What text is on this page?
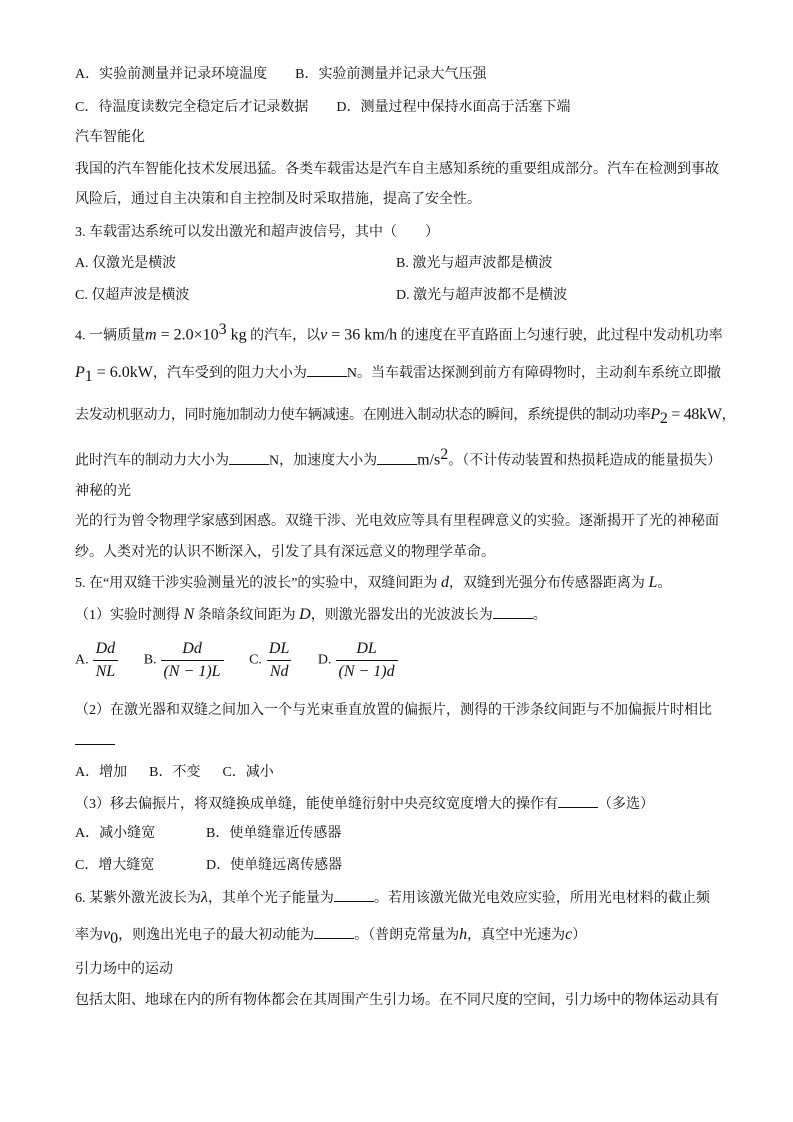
A．实验前测量并记录环境温度 B．实验前测量并记录大气压强
C．待温度读数完全稳定后才记录数据 D．测量过程中保持水面高于活塞下端
汽车智能化
我国的汽车智能化技术发展迅猛。各类车载雷达是汽车自主感知系统的重要组成部分。汽车在检测到事故
风险后，通过自主决策和自主控制及时采取措施，提高了安全性。
3. 车载雷达系统可以发出激光和超声波信号，其中（　　）
A. 仅激光是横波	B. 激光与超声波都是横波
C. 仅超声波是横波	D. 激光与超声波都不是横波
4. 一辆质量$m = 2.0\times 10^3$ kg 的汽车，以v = 36 km/h 的速度在平直路面上匀速行驶，此过程中发动机功率
$P_1 = 6.0kW$，汽车受到的阻力大小为	N。当车载雷达探测到前方有障碍物时，主动刹车系统立即撤
去发动机驱动力，同时施加制动力使车辆减速。在刚进入制动状态的瞬间，系统提供的制动功率$P_2 = 48kW$，
此时汽车的制动力大小为	N，加速度大小为	$m/s^2$。（不计传动装置和热损耗造成的能量损失）
神秘的光
光的行为曾令物理学家感到困惑。双缝干涉、光电效应等具有里程碑意义的实验。逐渐揭开了光的神秘面
纱。人类对光的认识不断深入，引发了具有深远意义的物理学革命。
5. 在“用双缝干涉实验测量光的波长”的实验中，双缝间距为 d，双缝到光强分布传感器距离为 L。
（1）实验时测得 N 条暗条纹间距为 D，则激光器发出的光波波长为	。
A. $\frac{Dd}{NL} B$. $\frac{Dd}{(N - 1)L} C$. $\frac{DL}{Nd} D$. $\frac{DL}{(N - 1)d}$
（2）在激光器和双缝之间加入一个与光束垂直放置的偏振片，测得的干涉条纹间距与不加偏振片时相比
A．增加 B．不变 C．减小
（3）移去偏振片，将双缝换成单缝，能使单缝衍射中央亮纹宽度增大的操作有	（多选）
A．减小缝宽	B．使单缝靠近传感器
C．增大缝宽	D．使单缝远离传感器
6. 某紫外激光波长为λ，其单个光子能量为	。若用该激光做光电效应实验，所用光电材料的截止频
率为$\nu_0$，则逸出光电子的最大初动能为	。（普朗克常量为h，真空中光速为c）
引力场中的运动
包括太阳、地球在内的所有物体都会在其周围产生引力场。在不同尺度的空间，引力场中的物体运动具有
